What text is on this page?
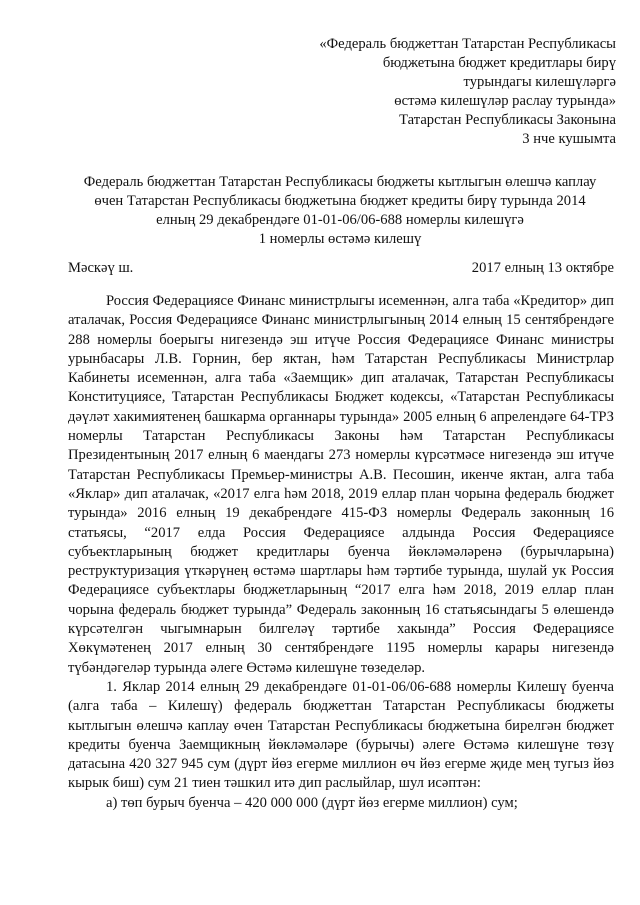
«Федераль бюджеттан Татарстан Республикасы
бюджетына бюджет кредитлары бирү
турындагы килешүләргә
өстәмә килешүләр раслау турында»
Татарстан Республикасы Законына
3 нче кушымта
Федераль бюджеттан Татарстан Республикасы бюджеты кытлыгын өлешчә каплау
өчен Татарстан Республикасы бюджетына бюджет кредиты бирү турында 2014
елның 29 декабрендәге 01-01-06/06-688 номерлы килешүгә
1 номерлы өстәмә килешү
Мәскәү ш.	2017 елның 13 октябре

Россия Федерациясе Финанс министрлыгы исеменнән, алга таба «Кредитор» дип аталачак, Россия Федерациясе Финанс министрлыгының 2014 елның 15 сентябрендәге 288 номерлы боерыгы нигезендә эш итүче Россия Федерациясе Финанс министры урынбасары Л.В. Горнин, бер яктан, һәм Татарстан Республикасы Министрлар Кабинеты исеменнән, алга таба «Заемщик» дип аталачак, Татарстан Республикасы Конституциясе, Татарстан Республикасы Бюджет кодексы, «Татарстан Республикасы дәүләт хакимиятенең башкарма органнары турында» 2005 елның 6 апрелендәге 64-ТРЗ номерлы Татарстан Республикасы Законы һәм Татарстан Республикасы Президентының 2017 елның 6 маендагы 273 номерлы күрсәтмәсе нигезендә эш итүче Татарстан Республикасы Премьер-министры А.В. Песошин, икенче яктан, алга таба «Яклар» дип аталачак, «2017 елга һәм 2018, 2019 еллар план чорына федераль бюджет турында» 2016 елның 19 декабрендәге 415-ФЗ номерлы Федераль законның 16 статьясы, “2017 елда Россия Федерациясе алдында Россия Федерациясе субъектларының бюджет кредитлары буенча йөкләмәләренә (бурычларына) реструктуризация үткәрүнең өстәмә шартлары һәм тәртибе турында, шулай ук Россия Федерациясе субъектлары бюджетларының “2017 елга һәм 2018, 2019 еллар план чорына федераль бюджет турында” Федераль законның 16 статьясындагы 5 өлешендә күрсәтелгән чыгымнарын билгеләү тәртибе хакында” Россия Федерациясе Хөкүмәтенең 2017 елның 30 сентябрендәге 1195 номерлы карары нигезендә түбәндәгеләр турында әлеге Өстәмә килешүне төзеделәр.

1. Яклар 2014 елның 29 декабрендәге 01-01-06/06-688 номерлы Килешү буенча (алга таба – Килешү) федераль бюджеттан Татарстан Республикасы бюджеты кытлыгын өлешчә каплау өчен Татарстан Республикасы бюджетына бирелгән бюджет кредиты буенча Заемщикның йөкләмәләре (бурычы) әлеге Өстәмә килешүне төзү датасына 420 327 945 сум (дүрт йөз егерме миллион өч йөз егерме җиде мең тугыз йөз кырык биш) сум 21 тиен тәшкил итә дип раслыйлар, шул исәптән:

а) төп бурыч буенча – 420 000 000 (дүрт йөз егерме миллион) сум;
